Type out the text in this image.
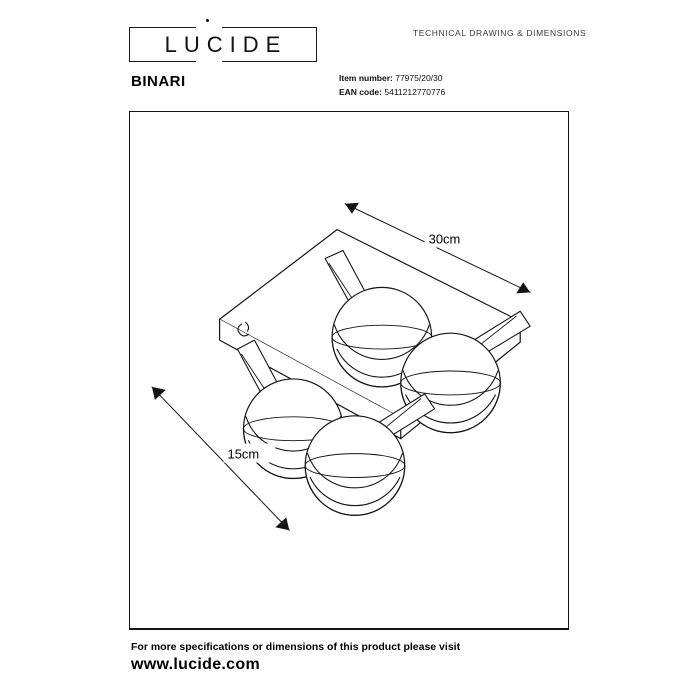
LUCIDE	TECHNICAL DRAWING & DIMENSIONS
BINARI	Item number: 77975/20/30
EAN code: 5411212770776
30cm
15cm
For more specifications or dimensions of this product please visit
www.lucide.com
